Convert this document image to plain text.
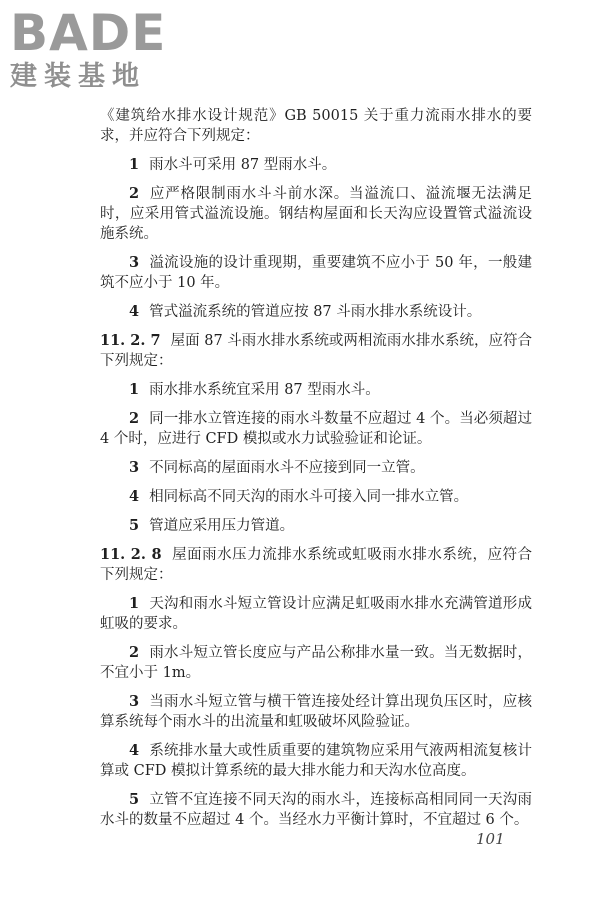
BADE
建装基地

《建筑给水排水设计规范》GB 50015 关于重力流雨水排水的要求，并应符合下列规定：

1 雨水斗可采用 87 型雨水斗。

2 应严格限制雨水斗斗前水深。当溢流口、溢流堰无法满足时，应采用管式溢流设施。钢结构屋面和长天沟应设置管式溢流设施系统。

3 溢流设施的设计重现期，重要建筑不应小于 50 年，一般建筑不应小于 10 年。

4 管式溢流系统的管道应按 87 斗雨水排水系统设计。

11. 2. 7 屋面 87 斗雨水排水系统或两相流雨水排水系统，应符合下列规定：

1 雨水排水系统宜采用 87 型雨水斗。

2 同一排水立管连接的雨水斗数量不应超过 4 个。当必须超过 4 个时，应进行 CFD 模拟或水力试验验证和论证。

3 不同标高的屋面雨水斗不应接到同一立管。

4 相同标高不同天沟的雨水斗可接入同一排水立管。

5 管道应采用压力管道。

11. 2. 8 屋面雨水压力流排水系统或虹吸雨水排水系统，应符合下列规定：

1 天沟和雨水斗短立管设计应满足虹吸雨水排水充满管道形成虹吸的要求。

2 雨水斗短立管长度应与产品公称排水量一致。当无数据时，不宜小于 1m。

3 当雨水斗短立管与横干管连接处经计算出现负压区时，应核算系统每个雨水斗的出流量和虹吸破坏风险验证。

4 系统排水量大或性质重要的建筑物应采用气液两相流复核计算或 CFD 模拟计算系统的最大排水能力和天沟水位高度。

5 立管不宜连接不同天沟的雨水斗，连接标高相同同一天沟雨水斗的数量不应超过 4 个。当经水力平衡计算时，不宜超过 6 个。

101
